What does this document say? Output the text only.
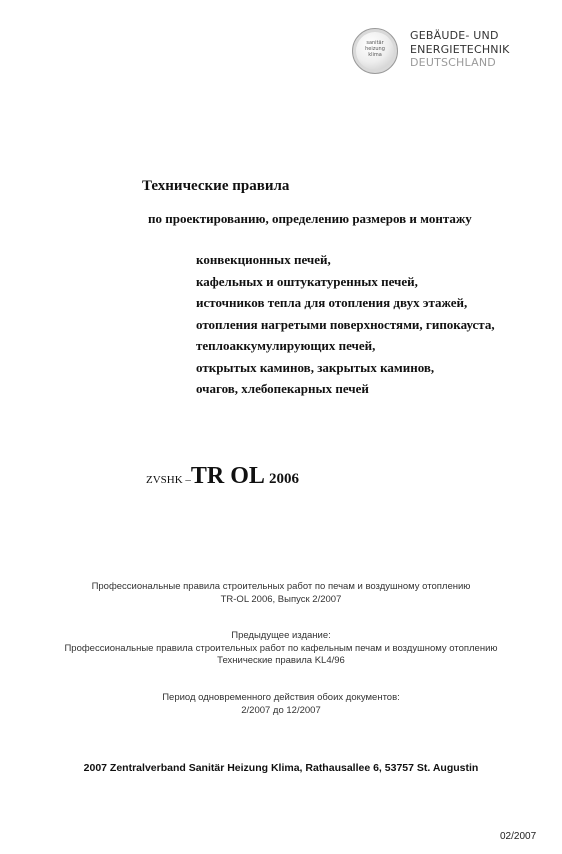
sanitär
heizung
klima
GEBÄUDE- UND
ENERGIETECHNIK
DEUTSCHLAND
Технические правила
по проектированию, определению размеров и монтажу
конвекционных печей,
кафельных и оштукатуренных печей,
источников тепла для отопления двух этажей,
отопления нагретыми поверхностями, гипокауста,
теплоаккумулирующих печей,
открытых каминов, закрытых каминов,
очагов, хлебопекарных печей
ZVSHK –TR OL 2006
Профессиональные правила строительных работ по печам и воздушному отоплению
TR-OL 2006, Выпуск 2/2007
Предыдущее издание:
Профессиональные правила строительных работ по кафельным печам и воздушному отоплению
Технические правила KL4/96
Период одновременного действия обоих документов:
2/2007 до 12/2007
2007 Zentralverband Sanitär Heizung Klima, Rathausallee 6, 53757 St. Augustin
02/2007
